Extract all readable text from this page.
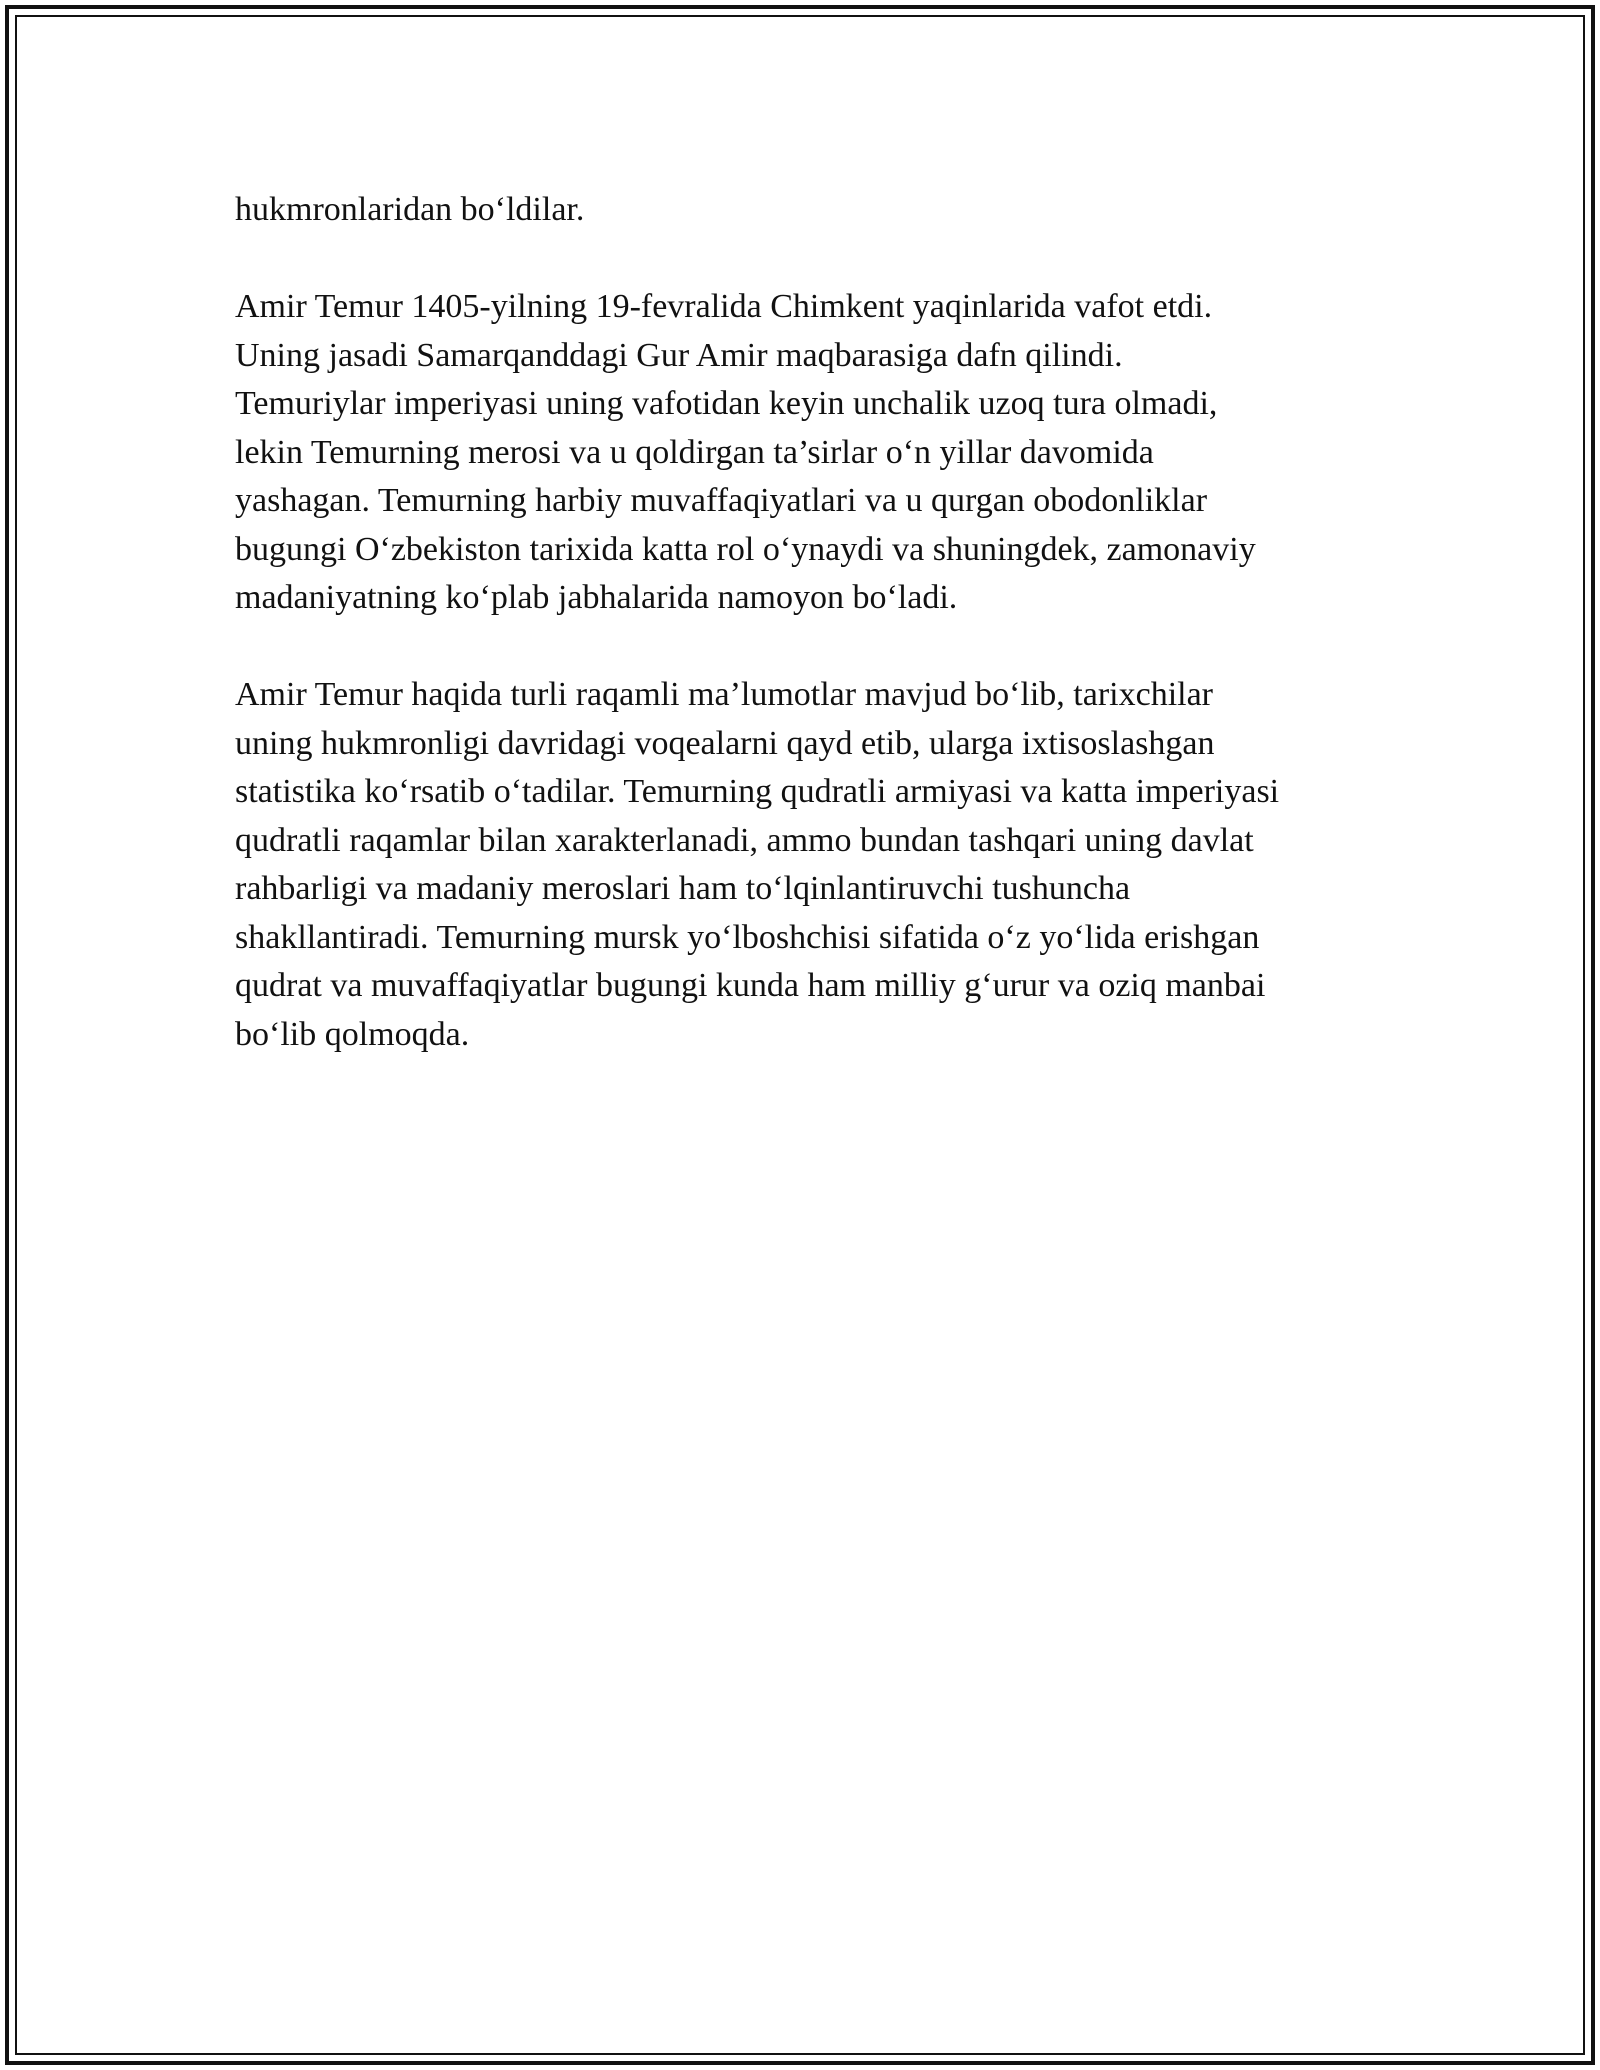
hukmronlaridan bo‘ldilar.

Amir Temur 1405-yilning 19-fevralida Chimkent yaqinlarida vafot etdi.
Uning jasadi Samarqanddagi Gur Amir maqbarasiga dafn qilindi.
Temuriylar imperiyasi uning vafotidan keyin unchalik uzoq tura olmadi,
lekin Temurning merosi va u qoldirgan ta’sirlar o‘n yillar davomida
yashagan. Temurning harbiy muvaffaqiyatlari va u qurgan obodonliklar
bugungi O‘zbekiston tarixida katta rol o‘ynaydi va shuningdek, zamonaviy
madaniyatning ko‘plab jabhalarida namoyon bo‘ladi.

Amir Temur haqida turli raqamli ma’lumotlar mavjud bo‘lib, tarixchilar
uning hukmronligi davridagi voqealarni qayd etib, ularga ixtisoslashgan
statistika ko‘rsatib o‘tadilar. Temurning qudratli armiyasi va katta imperiyasi
qudratli raqamlar bilan xarakterlanadi, ammo bundan tashqari uning davlat
rahbarligi va madaniy meroslari ham to‘lqinlantiruvchi tushuncha
shakllantiradi. Temurning mursk yo‘lboshchisi sifatida o‘z yo‘lida erishgan
qudrat va muvaffaqiyatlar bugungi kunda ham milliy g‘urur va oziq manbai
bo‘lib qolmoqda.
